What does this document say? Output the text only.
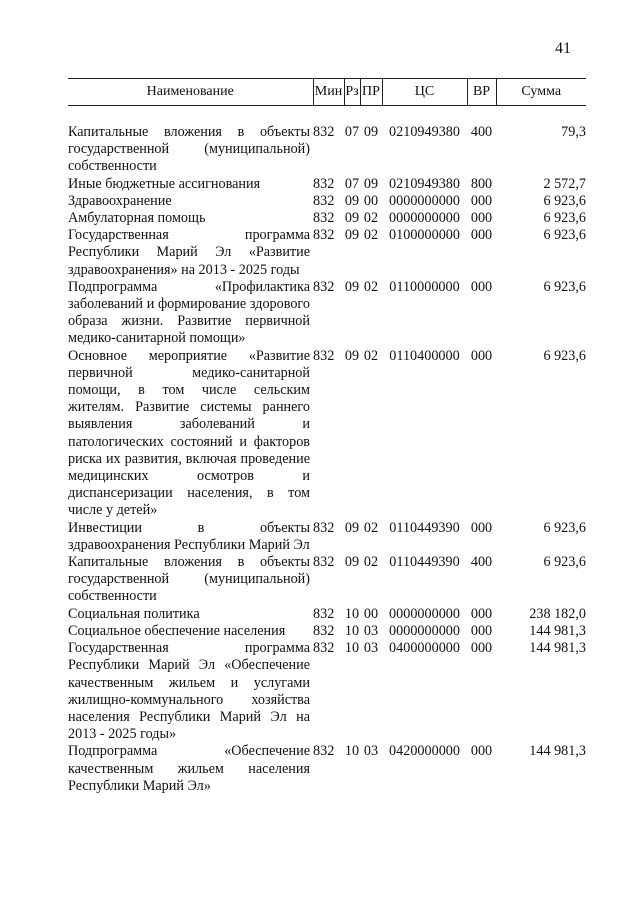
41
Наименование	Мин	Рз	ПР	ЦС	ВР	Сумма

Капитальные вложения в объекты государственной (муниципальной) собственности	832	07	09	0210949380	400	79,3
Иные бюджетные ассигнования	832	07	09	0210949380	800	2 572,7
Здравоохранение	832	09	00	0000000000	000	6 923,6
Амбулаторная помощь	832	09	02	0000000000	000	6 923,6
Государственная программа Республики Марий Эл «Развитие здравоохранения» на 2013 - 2025 годы	832	09	02	0100000000	000	6 923,6
Подпрограмма «Профилактика заболеваний и формирование здорового образа жизни. Развитие первичной медико-санитарной помощи»	832	09	02	0110000000	000	6 923,6
Основное мероприятие «Развитие первичной медико-санитарной помощи, в том числе сельским жителям. Развитие системы раннего выявления заболеваний и патологических состояний и факторов риска их развития, включая проведение медицинских осмотров и диспансеризации населения, в том числе у детей»	832	09	02	0110400000	000	6 923,6
Инвестиции в объекты здравоохранения Республики Марий Эл	832	09	02	0110449390	000	6 923,6
Капитальные вложения в объекты государственной (муниципальной) собственности	832	09	02	0110449390	400	6 923,6
Социальная политика	832	10	00	0000000000	000	238 182,0
Социальное обеспечение населения	832	10	03	0000000000	000	144 981,3
Государственная программа Республики Марий Эл «Обеспечение качественным жильем и услугами жилищно-коммунального хозяйства населения Республики Марий Эл на 2013 - 2025 годы»	832	10	03	0400000000	000	144 981,3
Подпрограмма «Обеспечение качественным жильем населения Республики Марий Эл»	832	10	03	0420000000	000	144 981,3
